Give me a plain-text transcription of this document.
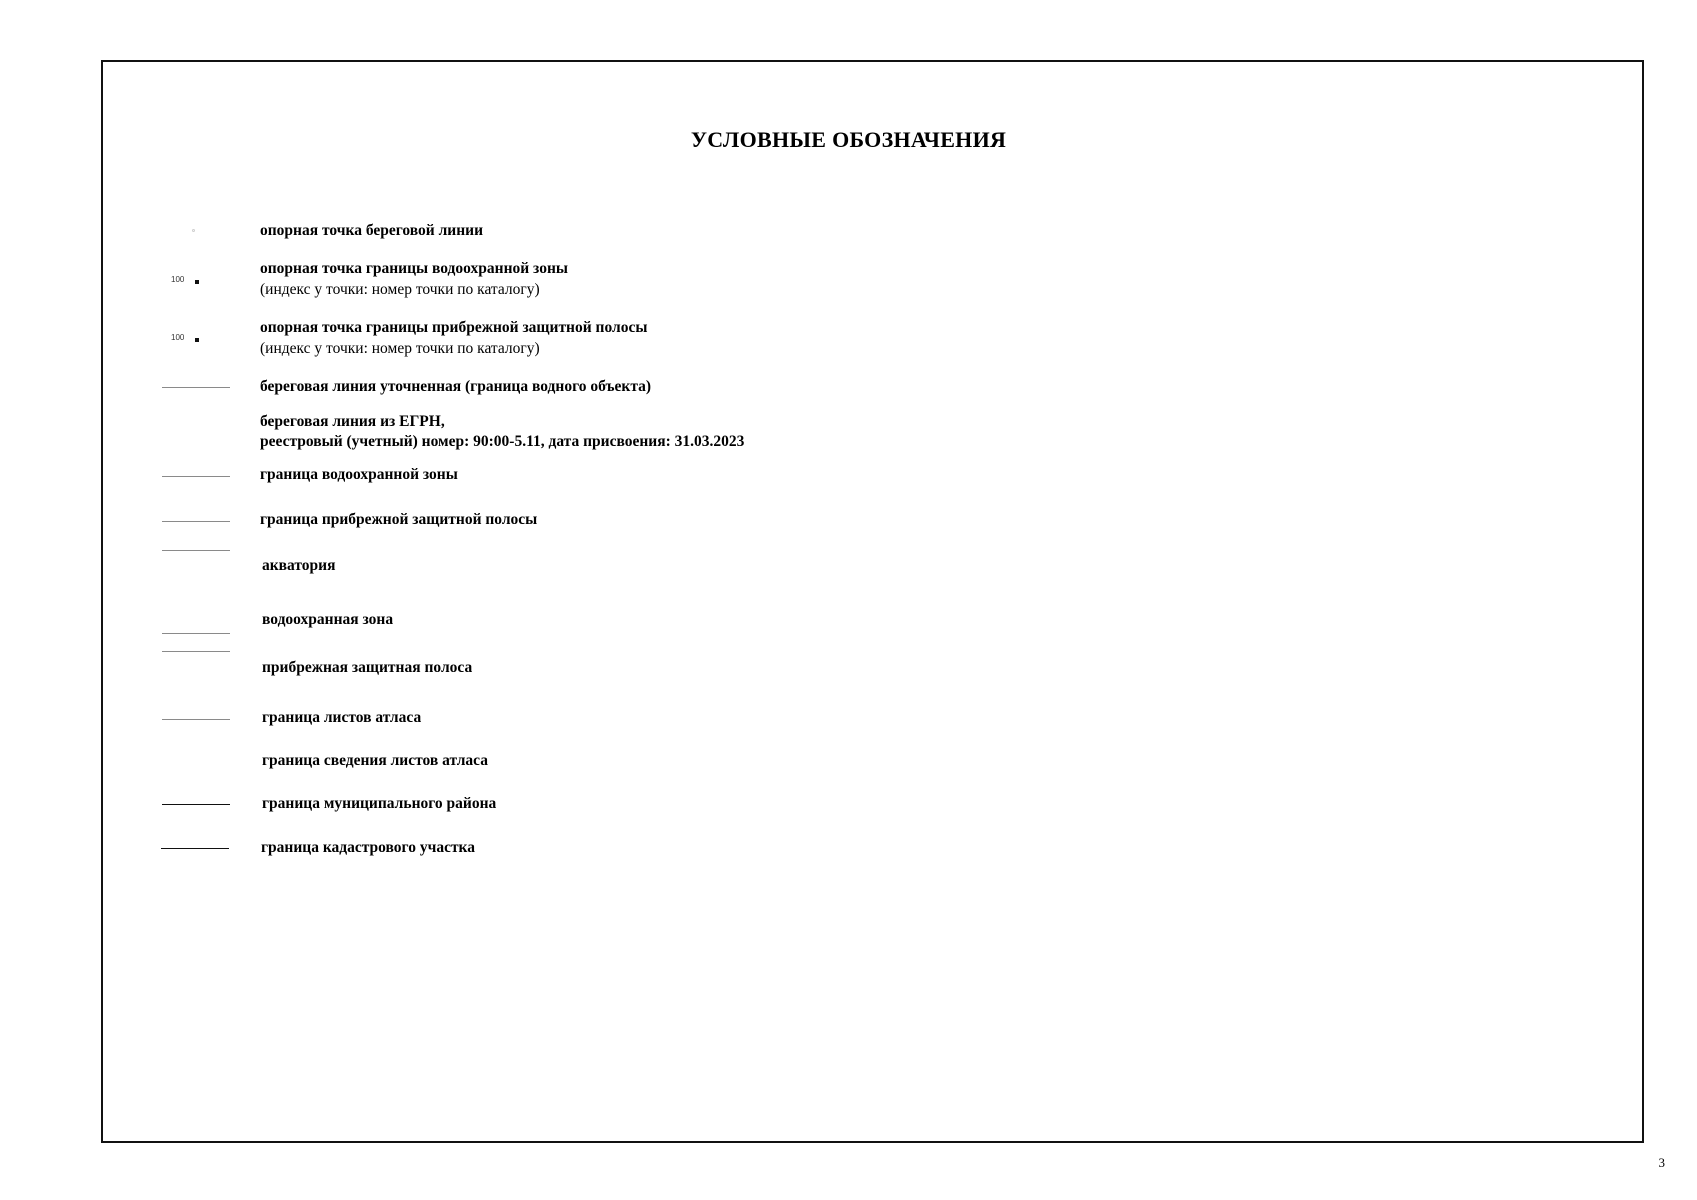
УСЛОВНЫЕ ОБОЗНАЧЕНИЯ
опорная точка береговой линии
100
опорная точка границы водоохранной зоны
(индекс у точки: номер точки по каталогу)
100
опорная точка границы прибрежной защитной полосы
(индекс у точки: номер точки по каталогу)
береговая линия уточненная (граница водного объекта)
береговая линия из ЕГРН,
реестровый (учетный) номер: 90:00-5.11, дата присвоения: 31.03.2023
граница водоохранной зоны
граница прибрежной защитной полосы
акватория
водоохранная зона
прибрежная защитная полоса
граница листов атласа
граница сведения листов атласа
граница муниципального района
граница кадастрового участка
3
